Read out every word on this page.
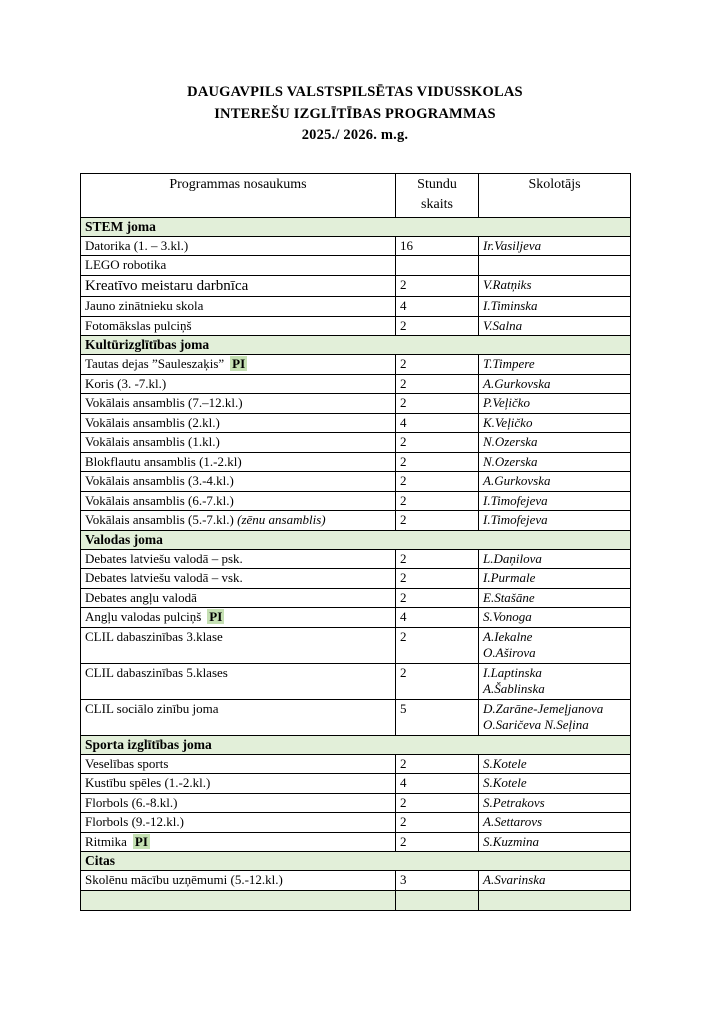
DAUGAVPILS VALSTSPILSĒTAS VIDUSSKOLAS
INTEREŠU IZGLĪTĪBAS PROGRAMMAS
2025./ 2026. m.g.
Programmas nosaukums	Stundu skaits	Skolotājs
STEM joma		
Datorika (1. – 3.kl.)	16	Ir.Vasiljeva

LEGO robotika		
Kreatīvo meistaru darbnīca	2	V.Ratņiks

Jauno zinātnieku skola	4	I.Timinska

Fotomākslas pulciņš	2	V.Salna

Kultūrizglītības joma		
Tautas dejas ”Sauleszaķis” PI	2	T.Timpere

Koris (3. -7.kl.)	2	A.Gurkovska

Vokālais ansamblis (7.–12.kl.)	2	P.Veļičko

Vokālais ansamblis (2.kl.)	4	K.Veļičko

Vokālais ansamblis (1.kl.)	2	N.Ozerska

Blokflautu ansamblis (1.-2.kl)	2	N.Ozerska

Vokālais ansamblis (3.-4.kl.)	2	A.Gurkovska

Vokālais ansamblis (6.-7.kl.)	2	I.Timofejeva

Vokālais ansamblis (5.-7.kl.) (zēnu ansamblis)	2	I.Timofejeva

Valodas joma		
Debates latviešu valodā – psk.	2	L.Daņilova

Debates latviešu valodā – vsk.	2	I.Purmale

Debates angļu valodā	2	E.Stašāne

Angļu valodas pulciņš PI	4	S.Vonoga

CLIL dabaszinības 3.klase	2	A.Iekalne
O.Aširova

CLIL dabaszinības 5.klases	2	I.Laptinska
A.Šablinska

CLIL sociālo zinību joma	5	D.Zarāne-Jemeļjanova
O.Saričeva N.Seļina

Sporta izglītības joma		
Veselības sports	2	S.Kotele

Kustību spēles (1.-2.kl.)	4	S.Kotele

Florbols (6.-8.kl.)	2	S.Petrakovs

Florbols (9.-12.kl.)	2	A.Settarovs

Ritmika PI	2	S.Kuzmina

Citas		
Skolēnu mācību uzņēmumi (5.-12.kl.)	3	A.Svarinska
